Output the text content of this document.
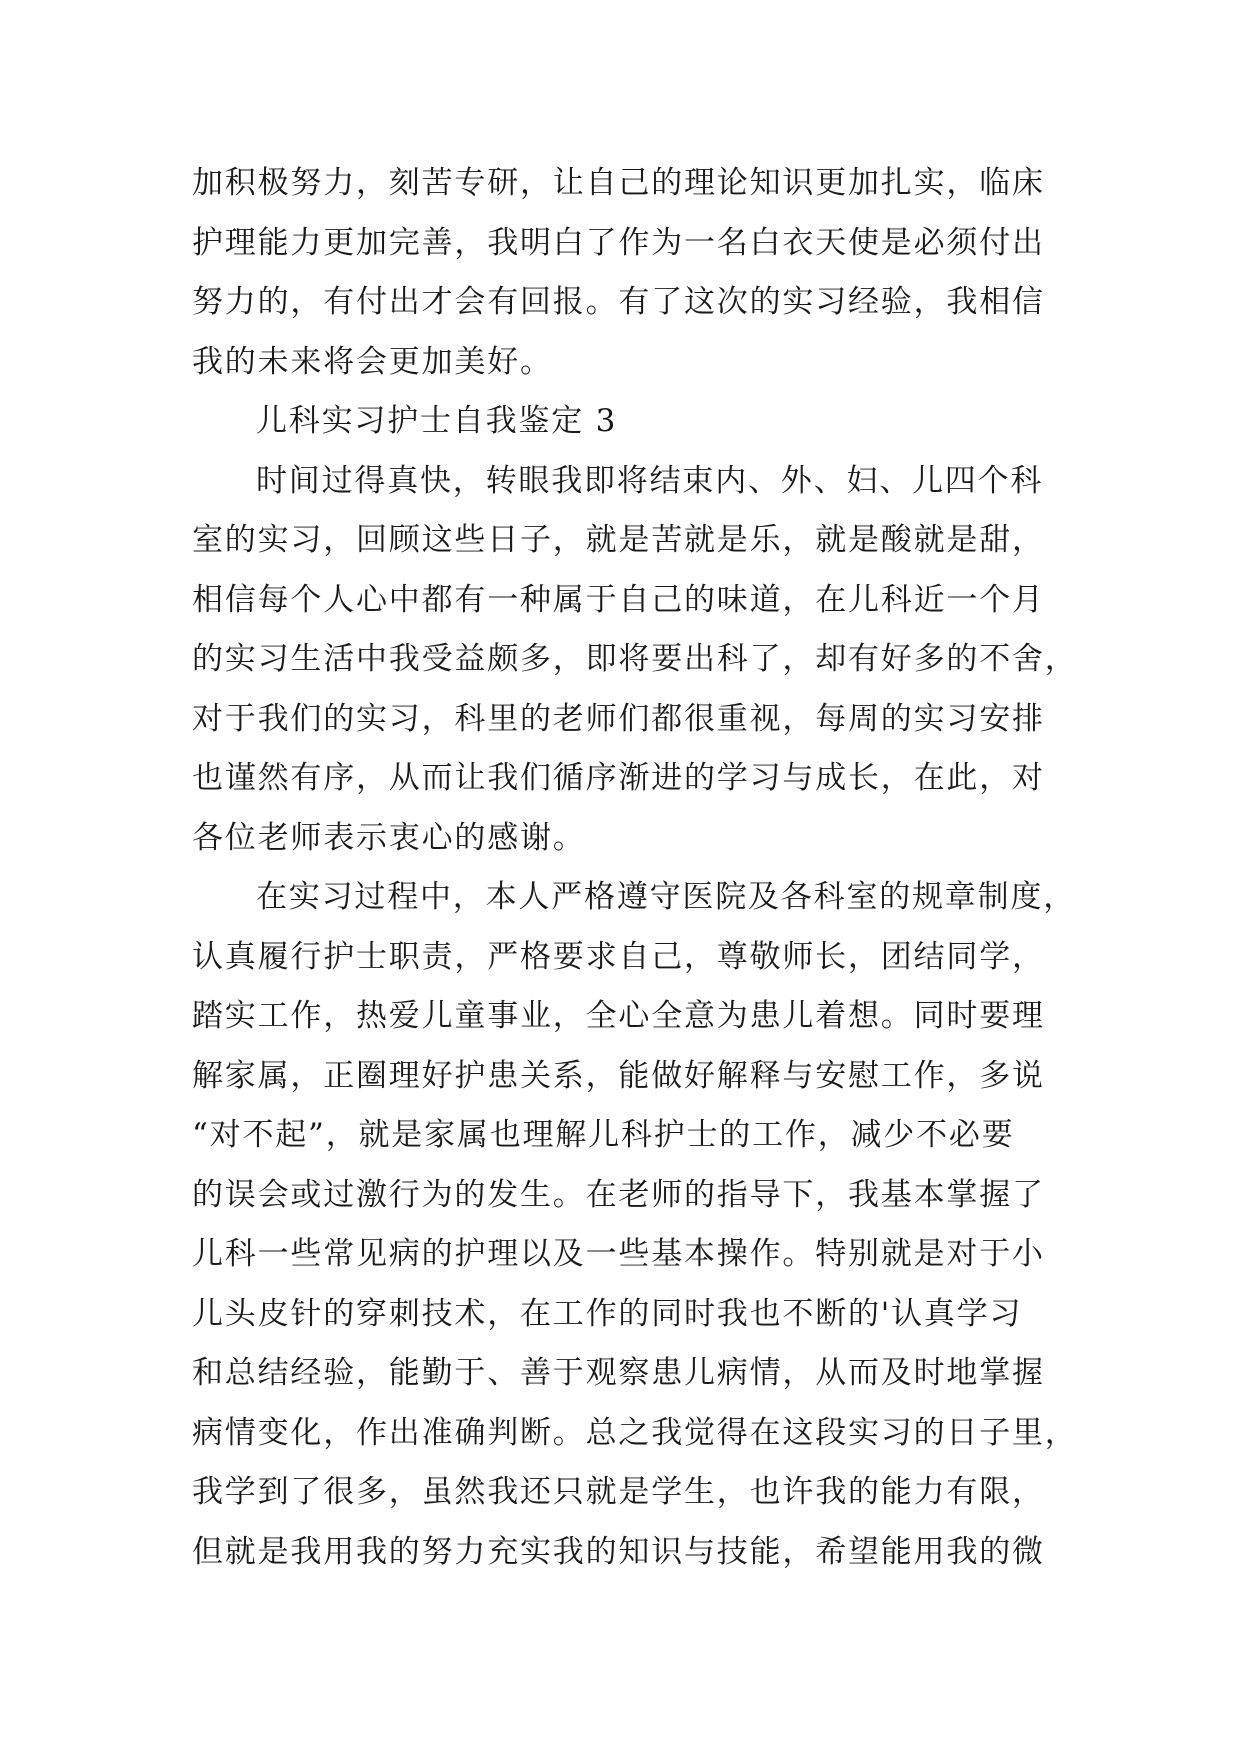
加积极努力，刻苦专研，让自己的理论知识更加扎实，临床
护理能力更加完善，我明白了作为一名白衣天使是必须付出
努力的，有付出才会有回报。有了这次的实习经验，我相信
我的未来将会更加美好。
儿科实习护士自我鉴定 3
时间过得真快，转眼我即将结束内、外、妇、儿四个科
室的实习，回顾这些日子，就是苦就是乐，就是酸就是甜，
相信每个人心中都有一种属于自己的味道，在儿科近一个月
的实习生活中我受益颇多，即将要出科了，却有好多的不舍，
对于我们的实习，科里的老师们都很重视，每周的实习安排
也谨然有序，从而让我们循序渐进的学习与成长，在此，对
各位老师表示衷心的感谢。
在实习过程中，本人严格遵守医院及各科室的规章制度，
认真履行护士职责，严格要求自己，尊敬师长，团结同学，
踏实工作，热爱儿童事业，全心全意为患儿着想。同时要理
解家属，正圈理好护患关系，能做好解释与安慰工作，多说
“对不起”，就是家属也理解儿科护士的工作，减少不必要
的误会或过激行为的发生。在老师的指导下，我基本掌握了
儿科一些常见病的护理以及一些基本操作。特别就是对于小
儿头皮针的穿刺技术，在工作的同时我也不断的'认真学习
和总结经验，能勤于、善于观察患儿病情，从而及时地掌握
病情变化，作出准确判断。总之我觉得在这段实习的日子里，
我学到了很多，虽然我还只就是学生，也许我的能力有限，
但就是我用我的努力充实我的知识与技能，希望能用我的微
